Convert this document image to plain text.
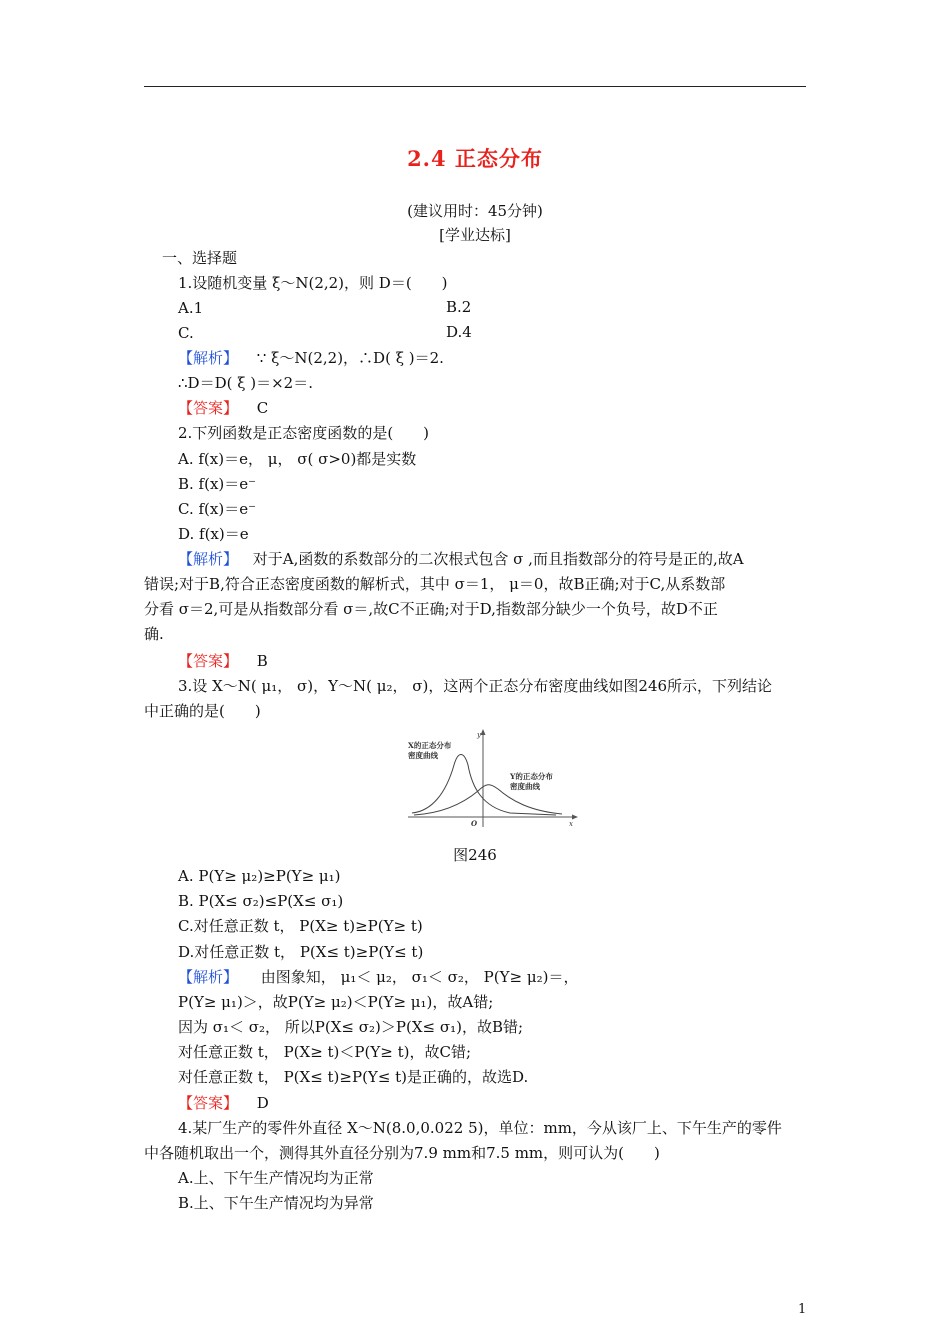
2.4 正态分布
(建议用时：45分钟)
[学业达标]
一、选择题
1.设随机变量 ξ～N(2,2)，则 D＝(　　)
A.1	B.2
C.	D.4
【解析】 ∵ ξ～N(2,2)，∴D( ξ )＝2.
∴D＝D( ξ )＝×2＝.
【答案】 C
2.下列函数是正态密度函数的是(　　)
A. f(x)＝e， μ， σ( σ>0)都是实数
B. f(x)＝e⁻
C. f(x)＝e⁻
D. f(x)＝e
【解析】 对于A,函数的系数部分的二次根式包含 σ ,而且指数部分的符号是正的,故A
错误;对于B,符合正态密度函数的解析式，其中 σ＝1， μ＝0，故B正确;对于C,从系数部
分看 σ＝2,可是从指数部分看 σ＝,故C不正确;对于D,指数部分缺少一个负号，故D不正
确.
【答案】 B
3.设 X～N( μ₁， σ)，Y～N( μ₂， σ)，这两个正态分布密度曲线如图246所示，下列结论
中正确的是(　　)
y
x
O
X的正态分布
密度曲线
Y的正态分布
密度曲线
图246
A. P(Y≥ μ₂)≥P(Y≥ μ₁)
B. P(X≤ σ₂)≤P(X≤ σ₁)
C.对任意正数 t， P(X≥ t)≥P(Y≥ t)
D.对任意正数 t， P(X≤ t)≥P(Y≤ t)
【解析】 由图象知， μ₁＜ μ₂， σ₁＜ σ₂， P(Y≥ μ₂)＝，
P(Y≥ μ₁)＞，故P(Y≥ μ₂)＜P(Y≥ μ₁)，故A错;
因为 σ₁＜ σ₂， 所以P(X≤ σ₂)＞P(X≤ σ₁)，故B错;
对任意正数 t， P(X≥ t)＜P(Y≥ t)，故C错;
对任意正数 t， P(X≤ t)≥P(Y≤ t)是正确的，故选D.
【答案】 D
4.某厂生产的零件外直径 X～N(8.0,0.022 5)，单位：mm，今从该厂上、下午生产的零件
中各随机取出一个，测得其外直径分别为7.9 mm和7.5 mm，则可认为(　　)
A.上、下午生产情况均为正常
B.上、下午生产情况均为异常
1
